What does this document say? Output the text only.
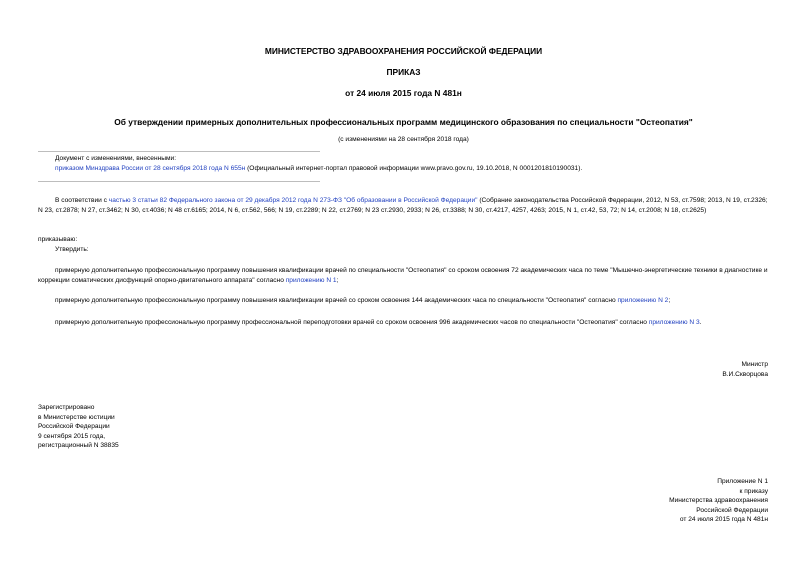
МИНИСТЕРСТВО ЗДРАВООХРАНЕНИЯ РОССИЙСКОЙ ФЕДЕРАЦИИ
ПРИКАЗ
от 24 июля 2015 года N 481н
Об утверждении примерных дополнительных профессиональных программ медицинского образования по специальности "Остеопатия"
(с изменениями на 28 сентября 2018 года)

Документ с изменениями, внесенными:

приказом Минздрава России от 28 сентября 2018 года N 655н (Официальный интернет-портал правовой информации www.pravo.gov.ru, 19.10.2018, N 0001201810190031).

В соответствии с частью 3 статьи 82 Федерального закона от 29 декабря 2012 года N 273-ФЗ "Об образовании в Российской Федерации" (Собрание законодательства Российской Федерации, 2012, N 53, ст.7598; 2013, N 19, ст.2326; N 23, ст.2878; N 27, ст.3462; N 30, ст.4036; N 48 ст.6165; 2014, N 6, ст.562, 566; N 19, ст.2289; N 22, ст.2769; N 23 ст.2930, 2933; N 26, ст.3388; N 30, ст.4217, 4257, 4263; 2015, N 1, ст.42, 53, 72; N 14, ст.2008; N 18, ст.2625)
приказываю:
Утвердить:
примерную дополнительную профессиональную программу повышения квалификации врачей по специальности "Остеопатия" со сроком освоения 72 академических часа по теме "Мышечно-энергетические техники в диагностике и коррекции соматических дисфункций опорно-двигательного аппарата" согласно приложению N 1;
примерную дополнительную профессиональную программу повышения квалификации врачей со сроком освоения 144 академических часа по специальности "Остеопатия" согласно приложению N 2;
примерную дополнительную профессиональную программу профессиональной переподготовки врачей со сроком освоения 996 академических часов по специальности "Остеопатия" согласно приложению N 3.

Министр

В.И.Скворцова

Зарегистрировано

в Министерстве юстиции

Российской Федерации

9 сентября 2015 года,

регистрационный N 38835

Приложение N 1

к приказу

Министерства здравоохранения

Российской Федерации

от 24 июля 2015 года N 481н
